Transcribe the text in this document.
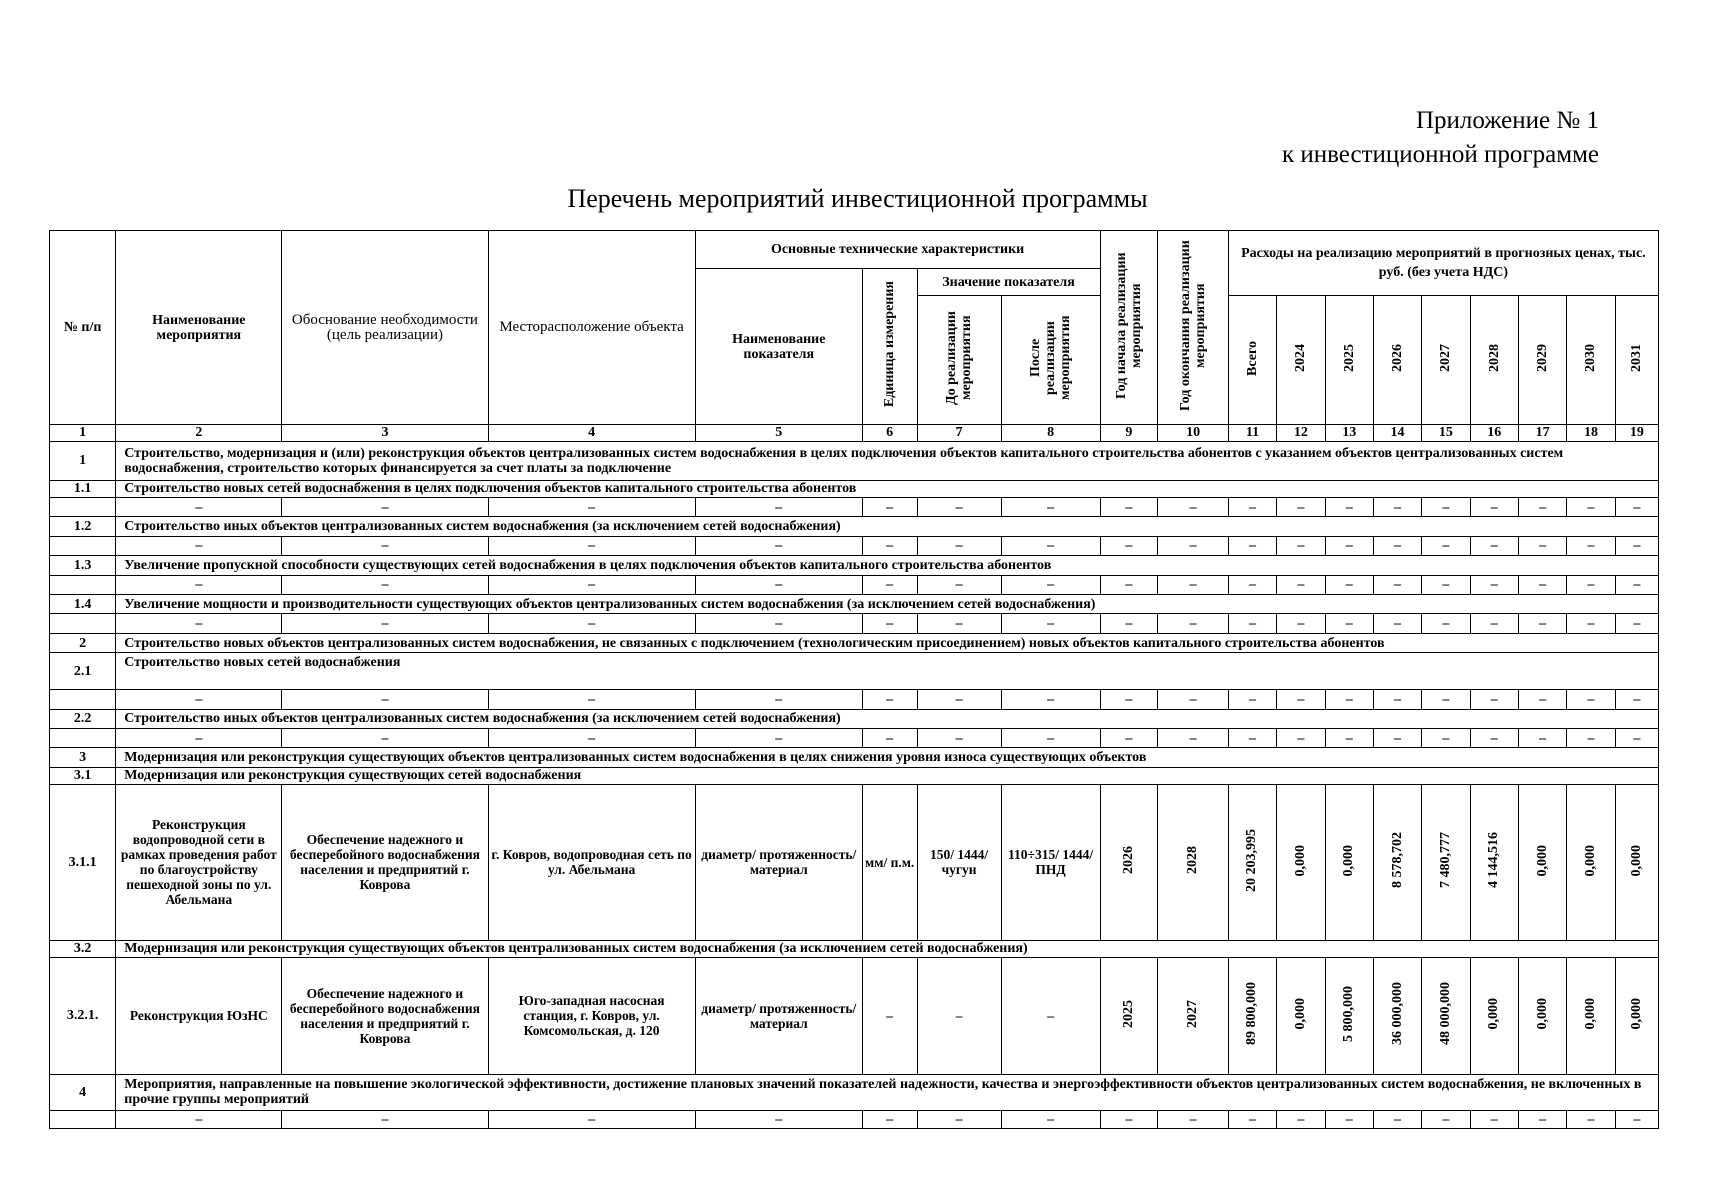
Приложение № 1
к инвестиционной программе
Перечень мероприятий инвестиционной программы
№ п/п	Наименование мероприятия	Обоснование необходимости (цель реализации)	Месторасположение объекта	Основные технические характеристики				Год начала реализации мероприятия	Год окончания реализации мероприятия	Расходы на реализацию мероприятий в прогнозных ценах, тыс. руб. (без учета НДС)								
				Наименование показателя	Единица измерения	Значение показателя												
						До реализации мероприятия	После реализации мероприятия			Всего	2024	2025	2026	2027	2028	2029	2030	2031
1	2	3	4	5	6	7	8	9	10	11	12	13	14	15	16	17	18	19
1	Строительство, модернизация и (или) реконструкция объектов централизованных систем водоснабжения в целях подключения объектов капитального строительства абонентов с указанием объектов централизованных систем водоснабжения, строительство которых финансируется за счет платы за подключение																	
1.1	Строительство новых сетей водоснабжения в целях подключения объектов капитального строительства абонентов																	
	–	–	–	–	–	–	–	–	–	–	–	–	–	–	–	–	–	–
1.2	Строительство иных объектов централизованных систем водоснабжения (за исключением сетей водоснабжения)																	
	–	–	–	–	–	–	–	–	–	–	–	–	–	–	–	–	–	–
1.3	Увеличение пропускной способности существующих сетей водоснабжения в целях подключения объектов капитального строительства абонентов																	
	–	–	–	–	–	–	–	–	–	–	–	–	–	–	–	–	–	–
1.4	Увеличение мощности и производительности существующих объектов централизованных систем водоснабжения (за исключением сетей водоснабжения)																	
	–	–	–	–	–	–	–	–	–	–	–	–	–	–	–	–	–	–
2	Строительство новых объектов централизованных систем водоснабжения, не связанных с подключением (технологическим присоединением) новых объектов капитального строительства абонентов																	
2.1	Строительство новых сетей водоснабжения																	
	–	–	–	–	–	–	–	–	–	–	–	–	–	–	–	–	–	–
2.2	Строительство иных объектов централизованных систем водоснабжения (за исключением сетей водоснабжения)																	
	–	–	–	–	–	–	–	–	–	–	–	–	–	–	–	–	–	–
3	Модернизация или реконструкция существующих объектов централизованных систем водоснабжения в целях снижения уровня износа существующих объектов																	
3.1	Модернизация или реконструкция существующих сетей водоснабжения																	
3.1.1	Реконструкция водопроводной сети в рамках проведения работ по благоустройству пешеходной зоны по ул. Абельмана	Обеспечение надежного и бесперебойного водоснабжения населения и предприятий г. Коврова	г. Ковров, водопроводная сеть по ул. Абельмана	диаметр/ протяженность/ материал	мм/ п.м.	150/ 1444/ чугун	110÷315/ 1444/ ПНД	2026	2028	20 203,995	0,000	0,000	8 578,702	7 480,777	4 144,516	0,000	0,000	0,000
3.2	Модернизация или реконструкция существующих объектов централизованных систем водоснабжения (за исключением сетей водоснабжения)																	
3.2.1.	Реконструкция ЮзНС	Обеспечение надежного и бесперебойного водоснабжения населения и предприятий г. Коврова	Юго-западная насосная станция, г. Ковров, ул. Комсомольская, д. 120	диаметр/ протяженность/ материал	–	–	–	2025	2027	89 800,000	0,000	5 800,000	36 000,000	48 000,000	0,000	0,000	0,000	0,000
4	Мероприятия, направленные на повышение экологической эффективности, достижение плановых значений показателей надежности, качества и энергоэффективности объектов централизованных систем водоснабжения, не включенных в прочие группы мероприятий																	
	–	–	–	–	–	–	–	–	–	–	–	–	–	–	–	–	–	–
